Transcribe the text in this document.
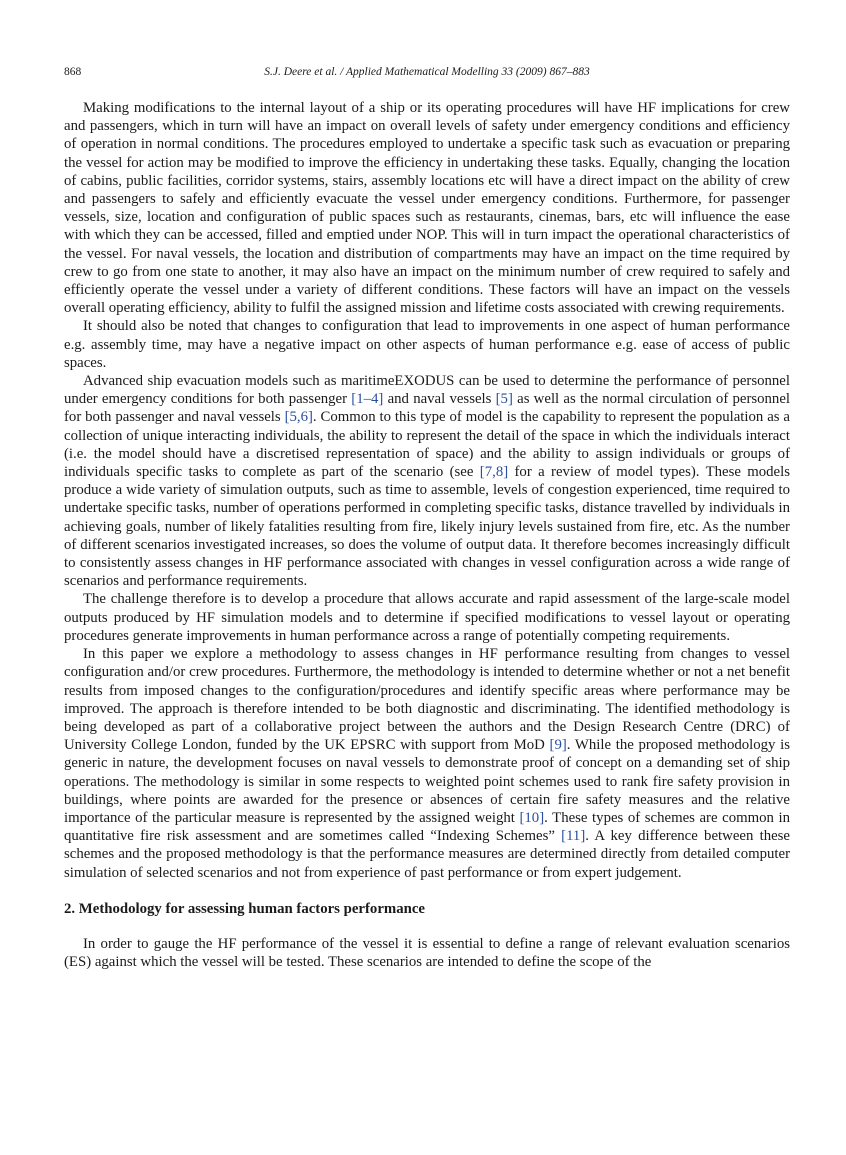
868	S.J. Deere et al. / Applied Mathematical Modelling 33 (2009) 867–883

Making modifications to the internal layout of a ship or its operating procedures will have HF implications for crew and passengers, which in turn will have an impact on overall levels of safety under emergency conditions and efficiency of operation in normal conditions. The procedures employed to undertake a specific task such as evacuation or preparing the vessel for action may be modified to improve the efficiency in undertaking these tasks. Equally, changing the location of cabins, public facilities, corridor systems, stairs, assembly locations etc will have a direct impact on the ability of crew and passengers to safely and efficiently evacuate the vessel under emergency conditions. Furthermore, for passenger vessels, size, location and configuration of public spaces such as restaurants, cinemas, bars, etc will influence the ease with which they can be accessed, filled and emptied under NOP. This will in turn impact the operational characteristics of the vessel. For naval vessels, the location and distribution of compartments may have an impact on the time required by crew to go from one state to another, it may also have an impact on the minimum number of crew required to safely and efficiently operate the vessel under a variety of different conditions. These factors will have an impact on the vessels overall operating efficiency, ability to fulfil the assigned mission and lifetime costs associated with crewing requirements.

It should also be noted that changes to configuration that lead to improvements in one aspect of human performance e.g. assembly time, may have a negative impact on other aspects of human performance e.g. ease of access of public spaces.

Advanced ship evacuation models such as maritimeEXODUS can be used to determine the performance of personnel under emergency conditions for both passenger [1–4] and naval vessels [5] as well as the normal circulation of personnel for both passenger and naval vessels [5,6]. Common to this type of model is the capability to represent the population as a collection of unique interacting individuals, the ability to represent the detail of the space in which the individuals interact (i.e. the model should have a discretised representation of space) and the ability to assign individuals or groups of individuals specific tasks to complete as part of the scenario (see [7,8] for a review of model types). These models produce a wide variety of simulation outputs, such as time to assemble, levels of congestion experienced, time required to undertake specific tasks, number of operations performed in completing specific tasks, distance travelled by individuals in achieving goals, number of likely fatalities resulting from fire, likely injury levels sustained from fire, etc. As the number of different scenarios investigated increases, so does the volume of output data. It therefore becomes increasingly difficult to consistently assess changes in HF performance associated with changes in vessel configuration across a wide range of scenarios and performance requirements.

The challenge therefore is to develop a procedure that allows accurate and rapid assessment of the large-scale model outputs produced by HF simulation models and to determine if specified modifications to vessel layout or operating procedures generate improvements in human performance across a range of potentially competing requirements.

In this paper we explore a methodology to assess changes in HF performance resulting from changes to vessel configuration and/or crew procedures. Furthermore, the methodology is intended to determine whether or not a net benefit results from imposed changes to the configuration/procedures and identify specific areas where performance may be improved. The approach is therefore intended to be both diagnostic and discriminating. The identified methodology is being developed as part of a collaborative project between the authors and the Design Research Centre (DRC) of University College London, funded by the UK EPSRC with support from MoD [9]. While the proposed methodology is generic in nature, the development focuses on naval vessels to demonstrate proof of concept on a demanding set of ship operations. The methodology is similar in some respects to weighted point schemes used to rank fire safety provision in buildings, where points are awarded for the presence or absences of certain fire safety measures and the relative importance of the particular measure is represented by the assigned weight [10]. These types of schemes are common in quantitative fire risk assessment and are sometimes called “Indexing Schemes” [11]. A key difference between these schemes and the proposed methodology is that the performance measures are determined directly from detailed computer simulation of selected scenarios and not from experience of past performance or from expert judgement.

2. Methodology for assessing human factors performance

In order to gauge the HF performance of the vessel it is essential to define a range of relevant evaluation scenarios (ES) against which the vessel will be tested. These scenarios are intended to define the scope of the
